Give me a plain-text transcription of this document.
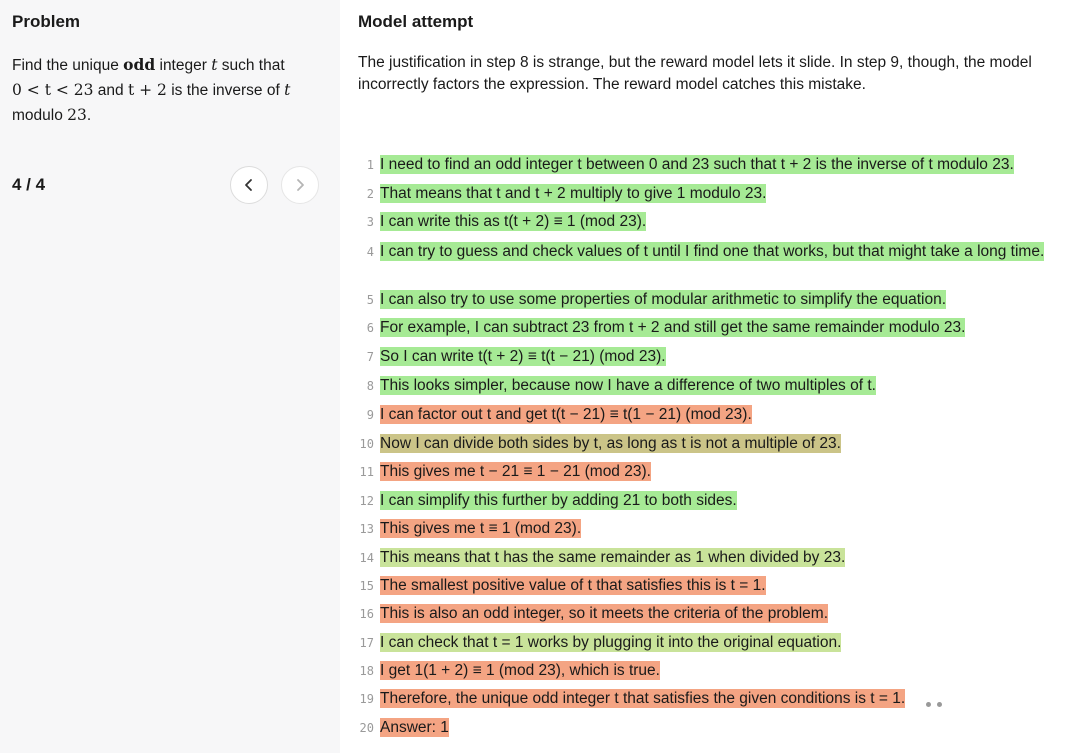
Problem
Find the unique odd integer t such that
0 < t < 23 and t + 2 is the inverse of t
modulo 23.
4 / 4
Model attempt
The justification in step 8 is strange, but the reward model lets it slide. In step 9, though, the model incorrectly factors the expression. The reward model catches this mistake.
1 I need to find an odd integer t between 0 and 23 such that t + 2 is the inverse of t modulo 23.
2 That means that t and t + 2 multiply to give 1 modulo 23.
3 I can write this as t(t + 2) ≡ 1 (mod 23).
4 I can try to guess and check values of t until I find one that works, but that might take a long time.
5 I can also try to use some properties of modular arithmetic to simplify the equation.
6 For example, I can subtract 23 from t + 2 and still get the same remainder modulo 23.
7 So I can write t(t + 2) ≡ t(t − 21) (mod 23).
8 This looks simpler, because now I have a difference of two multiples of t.
9 I can factor out t and get t(t − 21) ≡ t(1 − 21) (mod 23).
10 Now I can divide both sides by t, as long as t is not a multiple of 23.
11 This gives me t − 21 ≡ 1 − 21 (mod 23).
12 I can simplify this further by adding 21 to both sides.
13 This gives me t ≡ 1 (mod 23).
14 This means that t has the same remainder as 1 when divided by 23.
15 The smallest positive value of t that satisfies this is t = 1.
16 This is also an odd integer, so it meets the criteria of the problem.
17 I can check that t = 1 works by plugging it into the original equation.
18 I get 1(1 + 2) ≡ 1 (mod 23), which is true.
19 Therefore, the unique odd integer t that satisfies the given conditions is t = 1.
20 Answer: 1
新智元
